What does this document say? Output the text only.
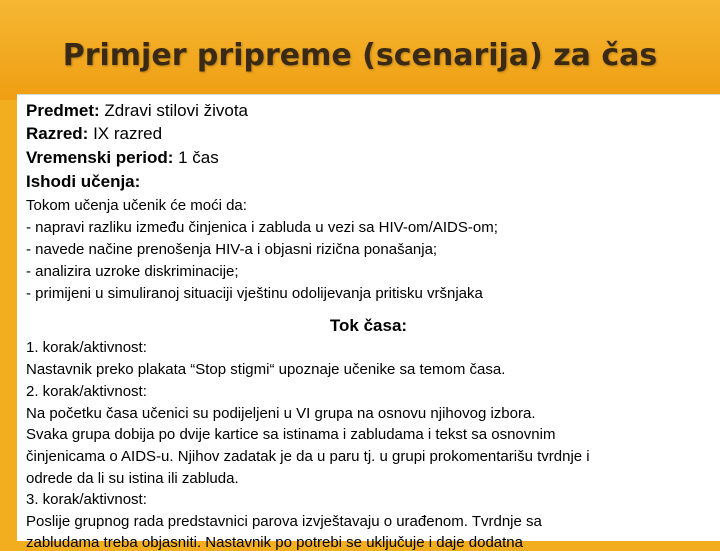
Primjer pripreme (scenarija) za čas
Predmet: Zdravi stilovi života
Razred: IX razred
Vremenski period: 1 čas
Ishodi učenja:
Tokom učenja učenik će moći da:
- napravi razliku između činjenica i zabluda u vezi sa HIV-om/AIDS-om;
- navede načine prenošenja HIV-a i objasni rizična ponašanja;
- analizira uzroke diskriminacije;
- primijeni u simuliranoj situaciji vještinu odolijevanja pritisku vršnjaka
Tok časa:
1. korak/aktivnost:
Nastavnik preko plakata “Stop stigmi“ upoznaje učenike sa temom časa.
2. korak/aktivnost:
Na početku časa učenici su podijeljeni u VI grupa na osnovu njihovog izbora.
Svaka grupa dobija po dvije kartice sa istinama i zabludama i tekst sa osnovnim
činjenicama o AIDS-u. Njihov zadatak je da u paru tj. u grupi prokomentarišu tvrdnje i
odrede da li su istina ili zabluda.
3. korak/aktivnost:
Poslije grupnog rada predstavnici parova izvještavaju o urađenom. Tvrdnje sa
zabludama treba objasniti. Nastavnik po potrebi se uključuje i daje dodatna
